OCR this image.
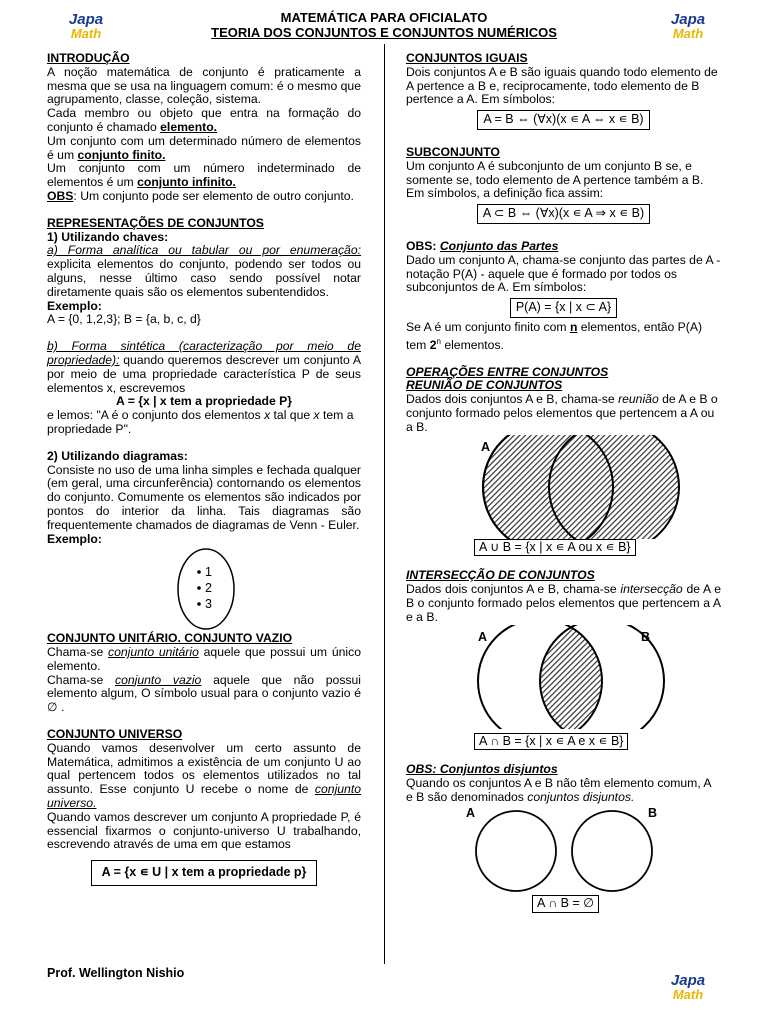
Japa
Math
Japa
Math
Japa
Math
MATEMÁTICA PARA OFICIALATO
TEORIA DOS CONJUNTOS E CONJUNTOS NUMÉRICOS

INTRODUÇÃO

A noção matemática de conjunto é praticamente a mesma que se usa na linguagem comum: é o mesmo que agrupamento, classe, coleção, sistema.

Cada membro ou objeto que entra na formação do conjunto é chamado elemento.

Um conjunto com um determinado número de elementos é um conjunto finito.

Um conjunto com um número indeterminado de elementos é um conjunto infinito.

OBS: Um conjunto pode ser elemento de outro conjunto.

REPRESENTAÇÕES DE CONJUNTOS

1) Utilizando chaves:

a) Forma analítica ou tabular ou por enumeração: explicita elementos do conjunto, podendo ser todos ou alguns, nesse último caso sendo possível notar diretamente quais são os elementos subentendidos.

Exemplo:

A = {0, 1,2,3}; B = {a, b, c, d}

b) Forma sintética (caracterização por meio de propriedade): quando queremos descrever um conjunto A por meio de uma propriedade característica P de seus elementos x, escrevemos

A = {x | x tem a propriedade P}

e lemos: "A é o conjunto dos elementos x tal que x tem a propriedade P".

2) Utilizando diagramas:

Consiste no uso de uma linha simples e fechada qualquer (em geral, uma circunferência) contornando os elementos do conjunto. Comumente os elementos são indicados por pontos do interior da linha. Tais diagramas são frequentemente chamados de diagramas de Venn - Euler.

Exemplo:

1
2
3

CONJUNTO UNITÁRIO. CONJUNTO VAZIO

Chama-se conjunto unitário aquele que possui um único elemento.

Chama-se conjunto vazio aquele que não possui elemento algum, O símbolo usual para o conjunto vazio é ∅ .

CONJUNTO UNIVERSO

Quando vamos desenvolver um certo assunto de Matemática, admitimos a existência de um conjunto U ao qual pertencem todos os elementos utilizados no tal assunto. Esse conjunto U recebe o nome de conjunto universo.

Quando vamos descrever um conjunto A propriedade P, é essencial fixarmos o conjunto-universo U trabalhando, escrevendo através de uma em que estamos

A = {x ∊ U | x tem a propriedade p}

CONJUNTOS IGUAIS

Dois conjuntos A e B são iguais quando todo elemento de A pertence a B e, reciprocamente, todo elemento de B pertence a A. Em símbolos:

A = B ⇔ (∀x)(x ∊ A ⇔ x ∊ B)

SUBCONJUNTO

Um conjunto A é subconjunto de um conjunto B se, e somente se, todo elemento de A pertence também a B. Em símbolos, a definição fica assim:

A ⊂ B ⇔ (∀x)(x ∊ A ⇒ x ∊ B)

OBS: Conjunto das Partes

Dado um conjunto A, chama-se conjunto das partes de A - notação P(A) - aquele que é formado por todos os subconjuntos de A. Em símbolos:

P(A) = {x | x ⊂ A}

Se A é um conjunto finito com n elementos, então P(A) tem 2$^n$ elementos.

OPERAÇÕES ENTRE CONJUNTOS

REUNIÃO DE CONJUNTOS

Dados dois conjuntos A e B, chama-se reunião de A e B o conjunto formado pelos elementos que pertencem a A ou a B.

A
A ∪ B = {x | x ∊ A ou x ∊ B}

INTERSECÇÃO DE CONJUNTOS

Dados dois conjuntos A e B, chama-se intersecção de A e B o conjunto formado pelos elementos que pertencem a A e a B.

A	B
A ∩ B = {x | x ∊ A e x ∊ B}

OBS: Conjuntos disjuntos

Quando os conjuntos A e B não têm elemento comum, A e B são denominados conjuntos disjuntos.

A	B
A ∩ B = ∅
Prof. Wellington Nishio
